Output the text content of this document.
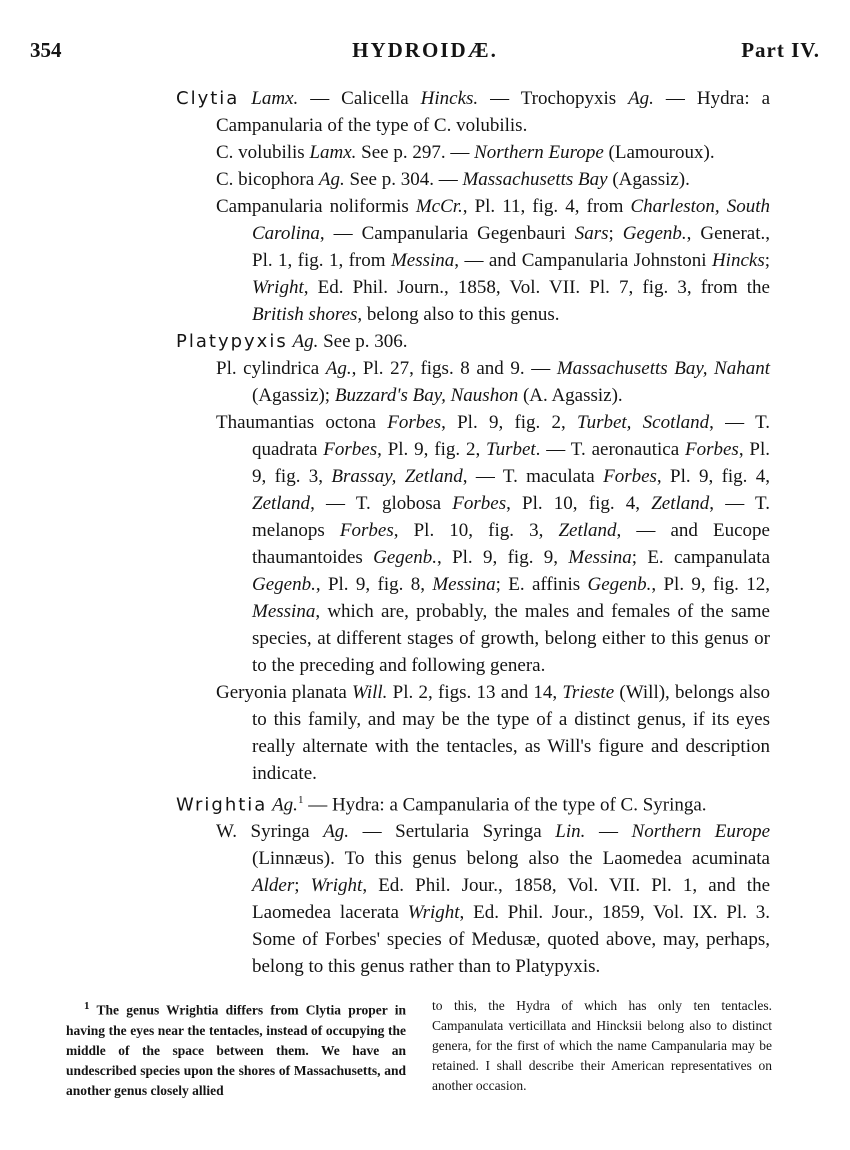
354	HYDROIDÆ.	Part IV.

Clytia Lamx. — Calicella Hincks. — Trochopyxis Ag. — Hydra: a Campanularia of the type of C. volubilis.

C. volubilis Lamx. See p. 297. — Northern Europe (Lamouroux).

C. bicophora Ag. See p. 304. — Massachusetts Bay (Agassiz).

Campanularia noliformis McCr., Pl. 11, fig. 4, from Charleston, South Carolina, — Campanularia Gegenbauri Sars; Gegenb., Generat., Pl. 1, fig. 1, from Messina, — and Campanularia Johnstoni Hincks; Wright, Ed. Phil. Journ., 1858, Vol. VII. Pl. 7, fig. 3, from the British shores, belong also to this genus.

Platypyxis Ag. See p. 306.

Pl. cylindrica Ag., Pl. 27, figs. 8 and 9. — Massachusetts Bay, Nahant (Agassiz); Buzzard's Bay, Naushon (A. Agassiz).

Thaumantias octona Forbes, Pl. 9, fig. 2, Turbet, Scotland, — T. quadrata Forbes, Pl. 9, fig. 2, Turbet. — T. aeronautica Forbes, Pl. 9, fig. 3, Brassay, Zetland, — T. maculata Forbes, Pl. 9, fig. 4, Zetland, — T. globosa Forbes, Pl. 10, fig. 4, Zetland, — T. melanops Forbes, Pl. 10, fig. 3, Zetland, — and Eucope thaumantoides Gegenb., Pl. 9, fig. 9, Messina; E. campanulata Gegenb., Pl. 9, fig. 8, Messina; E. affinis Gegenb., Pl. 9, fig. 12, Messina, which are, probably, the males and females of the same species, at different stages of growth, belong either to this genus or to the preceding and following genera.

Geryonia planata Will. Pl. 2, figs. 13 and 14, Trieste (Will), belongs also to this family, and may be the type of a distinct genus, if its eyes really alternate with the tentacles, as Will's figure and description indicate.

Wrightia Ag.$^1$ — Hydra: a Campanularia of the type of C. Syringa.

W. Syringa Ag. — Sertularia Syringa Lin. — Northern Europe (Linnæus). To this genus belong also the Laomedea acuminata Alder; Wright, Ed. Phil. Jour., 1858, Vol. VII. Pl. 1, and the Laomedea lacerata Wright, Ed. Phil. Jour., 1859, Vol. IX. Pl. 3. Some of Forbes' species of Medusæ, quoted above, may, perhaps, belong to this genus rather than to Platypyxis.

$^1$ The genus Wrightia differs from Clytia proper in having the eyes near the tentacles, instead of occupying the middle of the space between them. We have an undescribed species upon the shores of Massachusetts, and another genus closely allied

to this, the Hydra of which has only ten tentacles. Campanulata verticillata and Hincksii belong also to distinct genera, for the first of which the name Campanularia may be retained. I shall describe their American representatives on another occasion.
